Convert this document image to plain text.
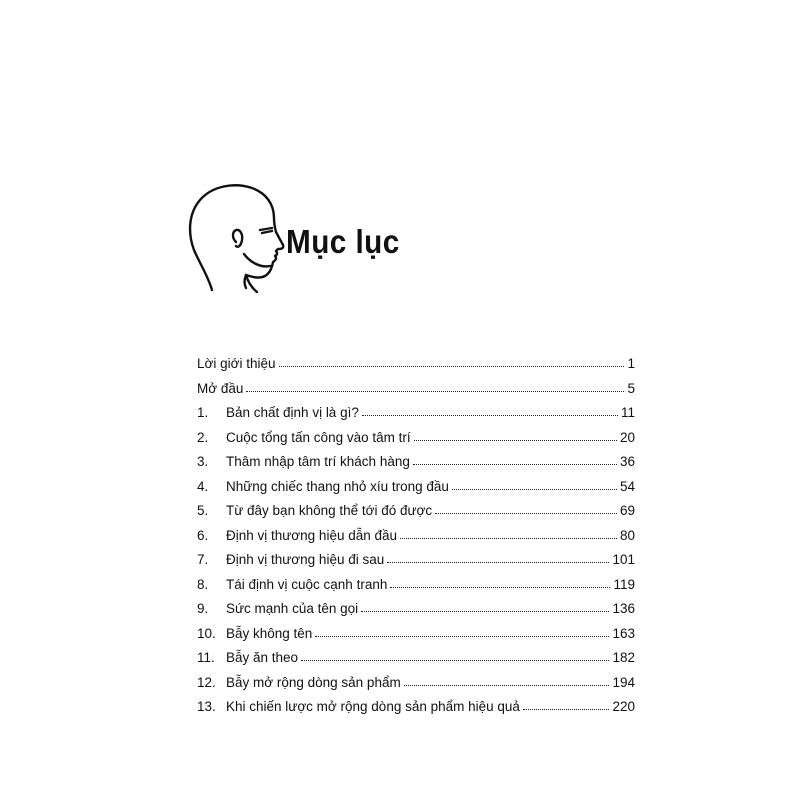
Mục lục
Lời giới thiệu	1
Mở đầu	5
1.	Bản chất định vị là gì?	11
2.	Cuộc tổng tấn công vào tâm trí	20
3.	Thâm nhập tâm trí khách hàng	36
4.	Những chiếc thang nhỏ xíu trong đầu	54
5.	Từ đây bạn không thể tới đó được	69
6.	Định vị thương hiệu dẫn đầu	80
7.	Định vị thương hiệu đi sau	101
8.	Tái định vị cuộc cạnh tranh	119
9.	Sức mạnh của tên gọi	136
10. Bẫy không tên	163
11. Bẫy ăn theo	182
12. Bẫy mở rộng dòng sản phẩm	194
13. Khi chiến lược mở rộng dòng sản phẩm hiệu quả	220
